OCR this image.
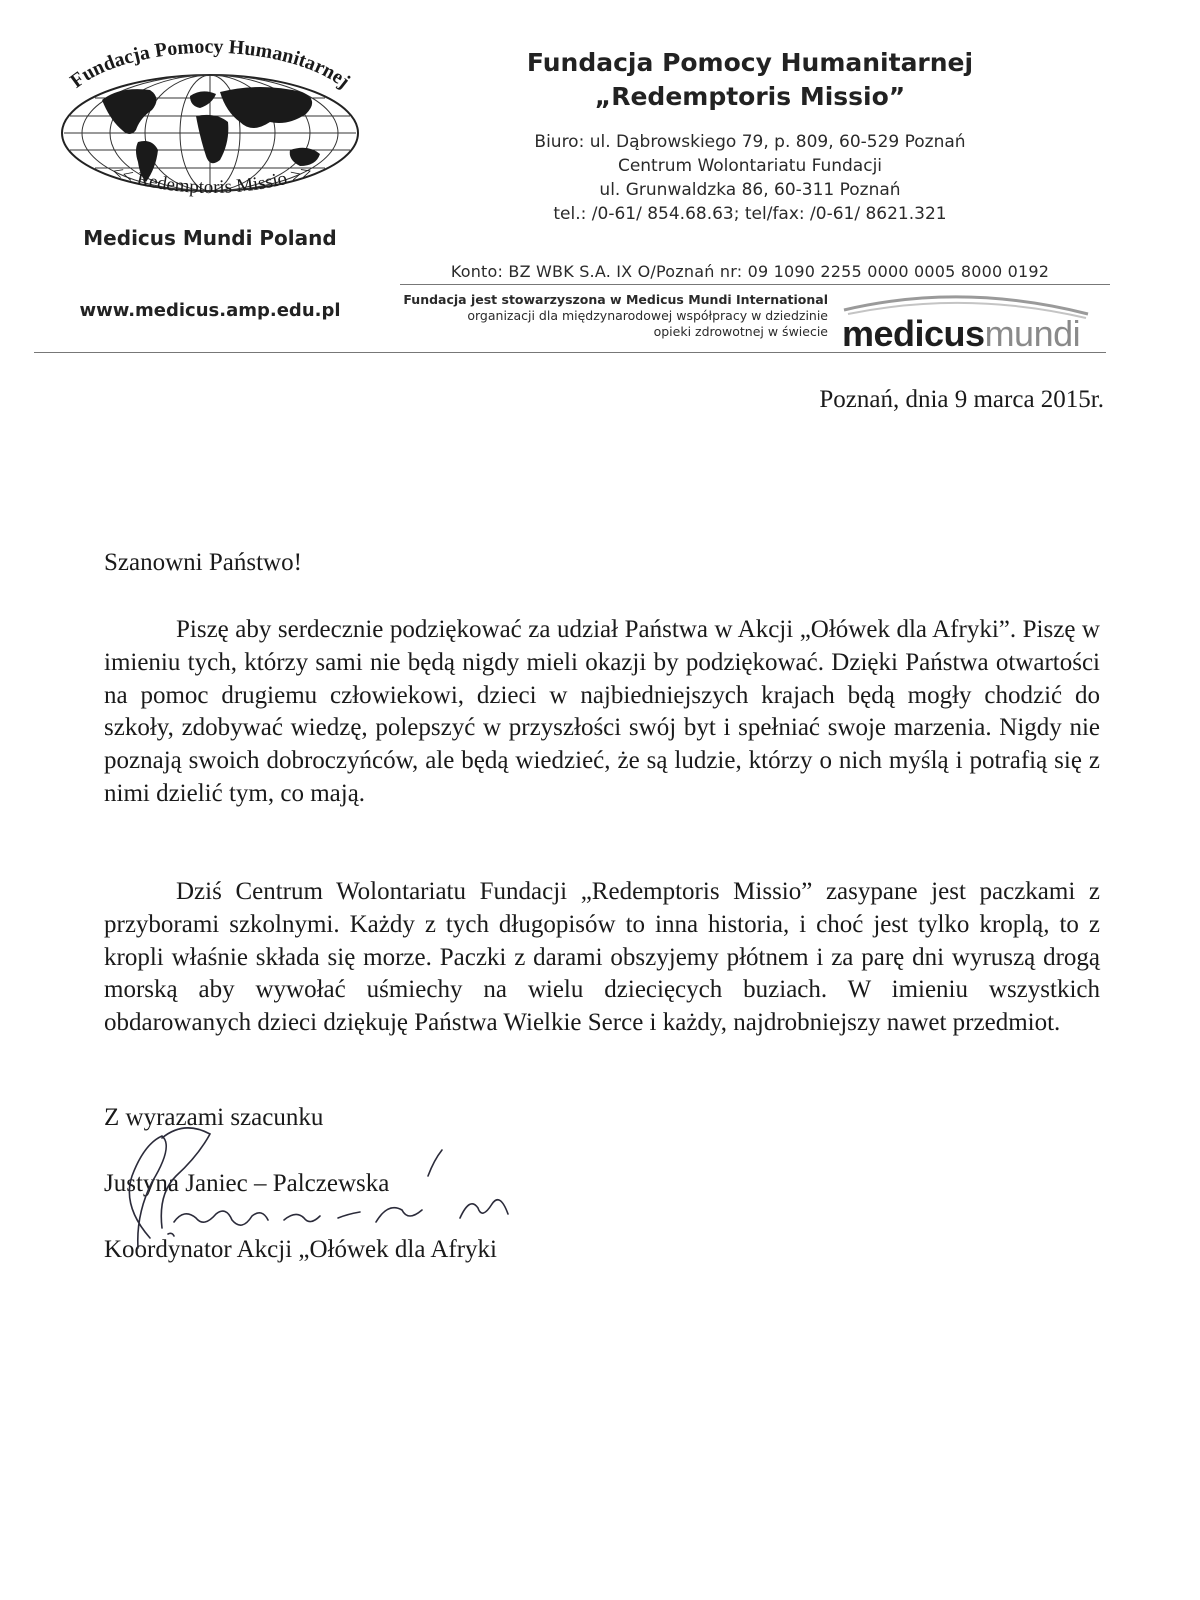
Fundacja Pomocy Humanitarnej
<< Redemptoris Missio >>
Medicus Mundi Poland
www.medicus.amp.edu.pl
Fundacja Pomocy Humanitarnej
„Redemptoris Missio”
Biuro: ul. Dąbrowskiego 79, p. 809, 60-529 Poznań
Centrum Wolontariatu Fundacji
ul. Grunwaldzka 86, 60-311 Poznań
tel.: /0-61/ 854.68.63; tel/fax: /0-61/ 8621.321
Konto: BZ WBK S.A. IX O/Poznań nr: 09 1090 2255 0000 0005 8000 0192
Fundacja jest stowarzyszona w Medicus Mundi International
organizacji dla międzynarodowej współpracy w dziedzinie
opieki zdrowotnej w świecie medicusmundi
Poznań, dnia 9 marca 2015r.
Szanowni Państwo!

Piszę aby serdecznie podziękować za udział Państwa w Akcji „Ołówek dla Afryki”. Piszę w imieniu tych, którzy sami nie będą nigdy mieli okazji by podziękować. Dzięki Państwa otwartości na pomoc drugiemu człowiekowi, dzieci w najbiedniejszych krajach będą mogły chodzić do szkoły, zdobywać wiedzę, polepszyć w przyszłości swój byt i spełniać swoje marzenia. Nigdy nie poznają swoich dobroczyńców, ale będą wiedzieć, że są ludzie, którzy o nich myślą i potrafią się z nimi dzielić tym, co mają.

Dziś Centrum Wolontariatu Fundacji „Redemptoris Missio” zasypane jest paczkami z przyborami szkolnymi. Każdy z tych długopisów to inna historia, i choć jest tylko kroplą, to z kropli właśnie składa się morze. Paczki z darami obszyjemy płótnem i za parę dni wyruszą drogą morską aby wywołać uśmiechy na wielu dziecięcych buziach. W imieniu wszystkich obdarowanych dzieci dziękuję Państwa Wielkie Serce i każdy, najdrobniejszy nawet przedmiot.

Z wyrazami szacunku
Justyna Janiec – Palczewska
Koordynator Akcji „Ołówek dla Afryki
